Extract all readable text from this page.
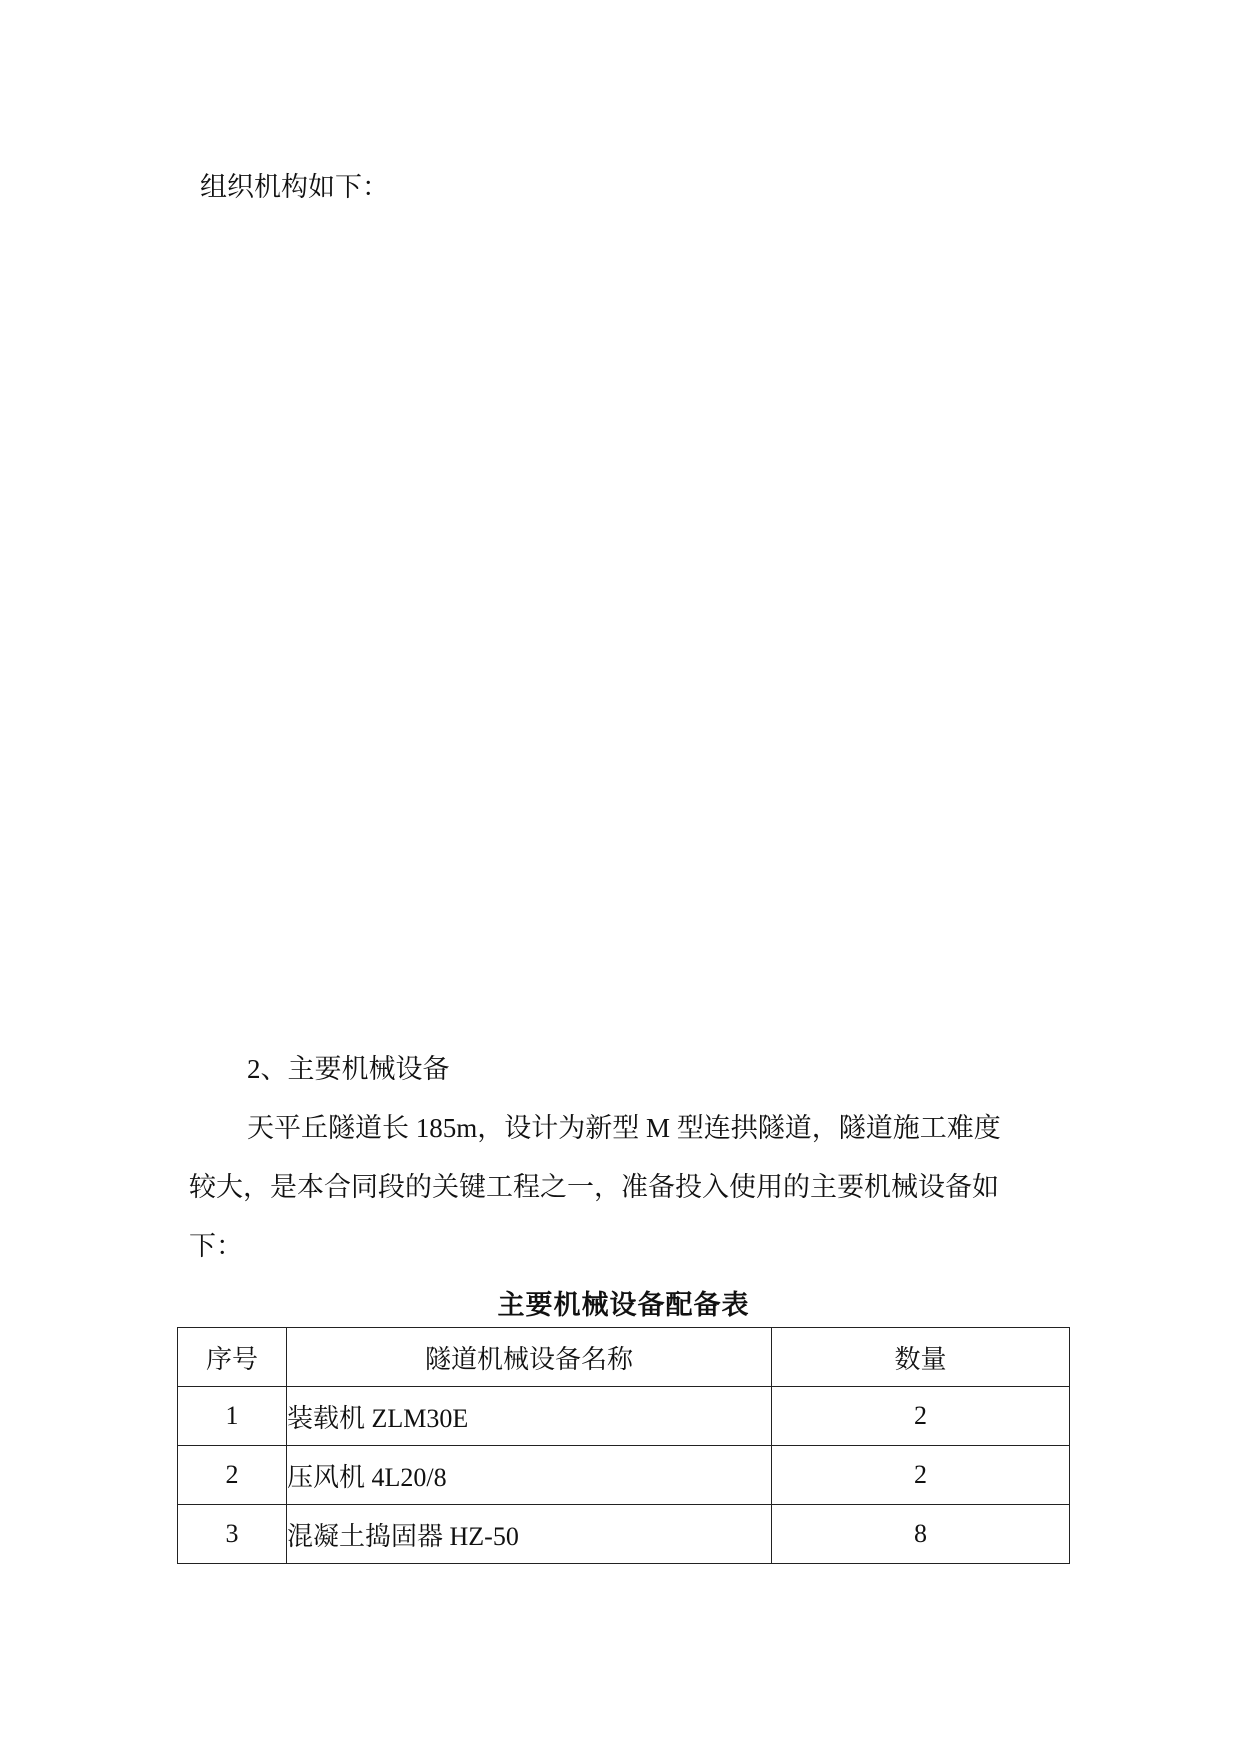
组织机构如下：
2、主要机械设备
天平丘隧道长 185m，设计为新型 M 型连拱隧道，隧道施工难度
较大，是本合同段的关键工程之一，准备投入使用的主要机械设备如
下：
主要机械设备配备表
序号	隧道机械设备名称	数量
1	装载机 ZLM30E	2
2	压风机 4L20/8	2
3	混凝土捣固器 HZ-50	8
